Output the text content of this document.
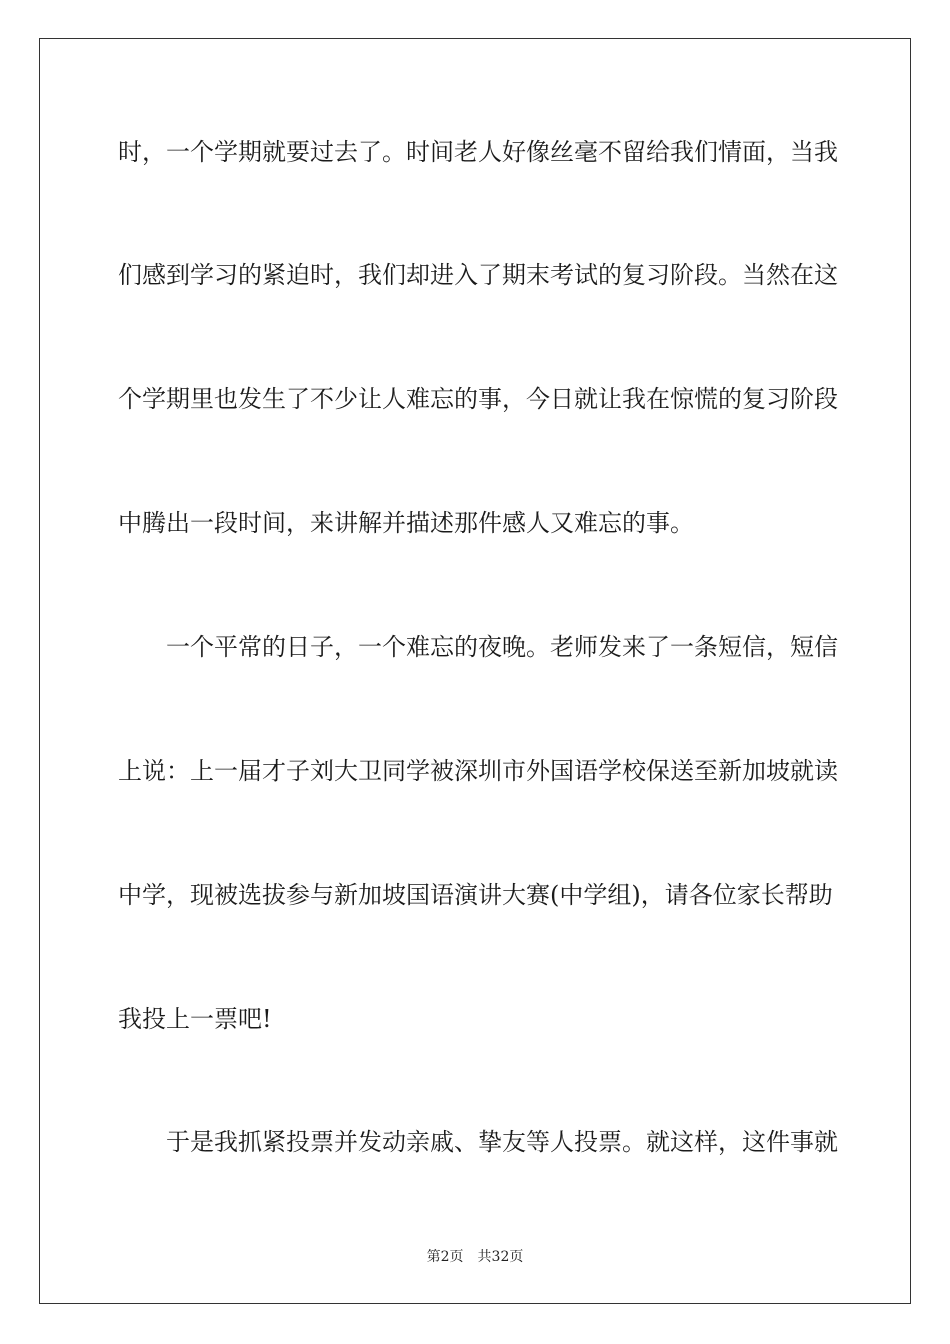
时，一个学期就要过去了。时间老人好像丝毫不留给我们情面，当我
们感到学习的紧迫时，我们却进入了期末考试的复习阶段。当然在这
个学期里也发生了不少让人难忘的事，今日就让我在惊慌的复习阶段
中腾出一段时间，来讲解并描述那件感人又难忘的事。
一个平常的日子，一个难忘的夜晚。老师发来了一条短信，短信
上说：上一届才子刘大卫同学被深圳市外国语学校保送至新加坡就读
中学，现被选拔参与新加坡国语演讲大赛(中学组)，请各位家长帮助
我投上一票吧!
于是我抓紧投票并发动亲戚、挚友等人投票。就这样，这件事就
第2页 共32页
